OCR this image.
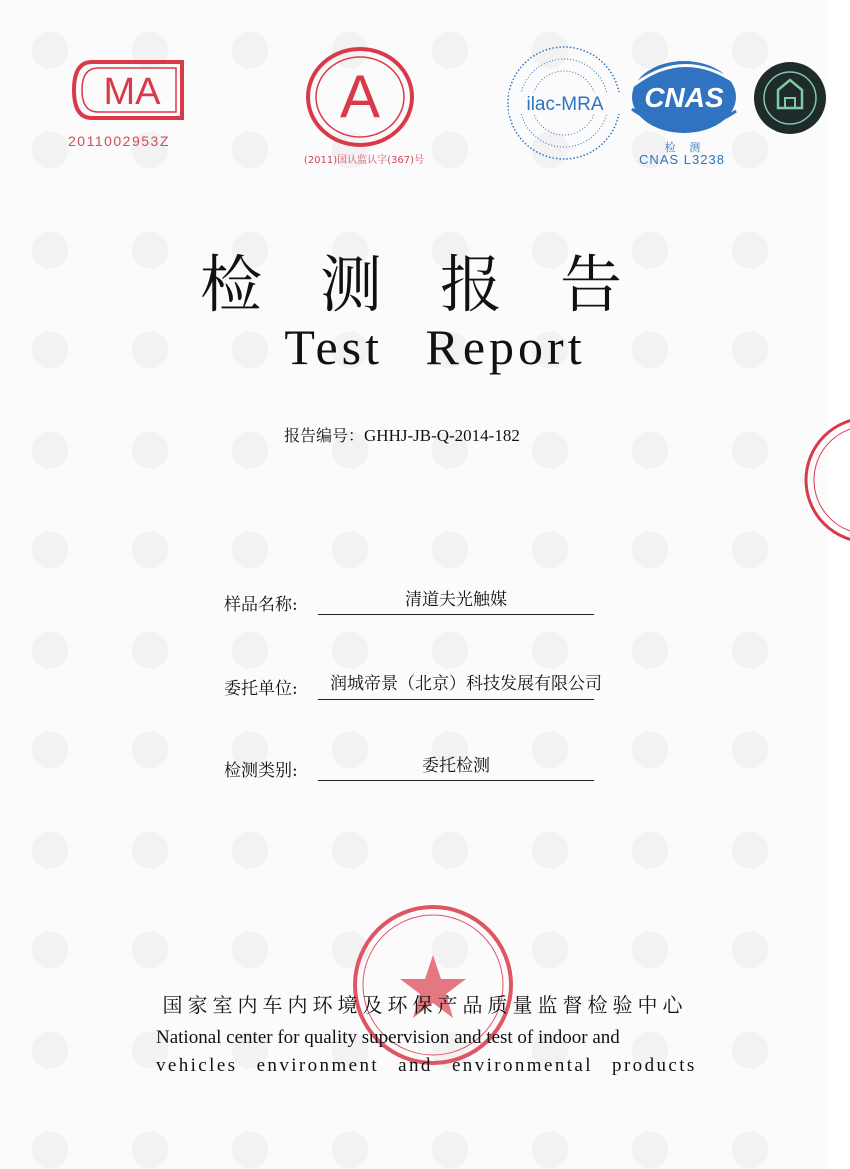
MA
2011002953Z
A
(2011)国认监认字(367)号
ilac-MRA CNAS
检 测
CNAS L3238
检测报告
Test Report
报告编号：GHHJ-JB-Q-2014-182
样品名称:	清道夫光触媒
委托单位: 润城帝景（北京）科技发展有限公司
检测类别:	委托检测
国家室内车内环境及环保产品质量监督检验中心
National center for quality supervision and test of indoor and
vehicles environment and environmental products
